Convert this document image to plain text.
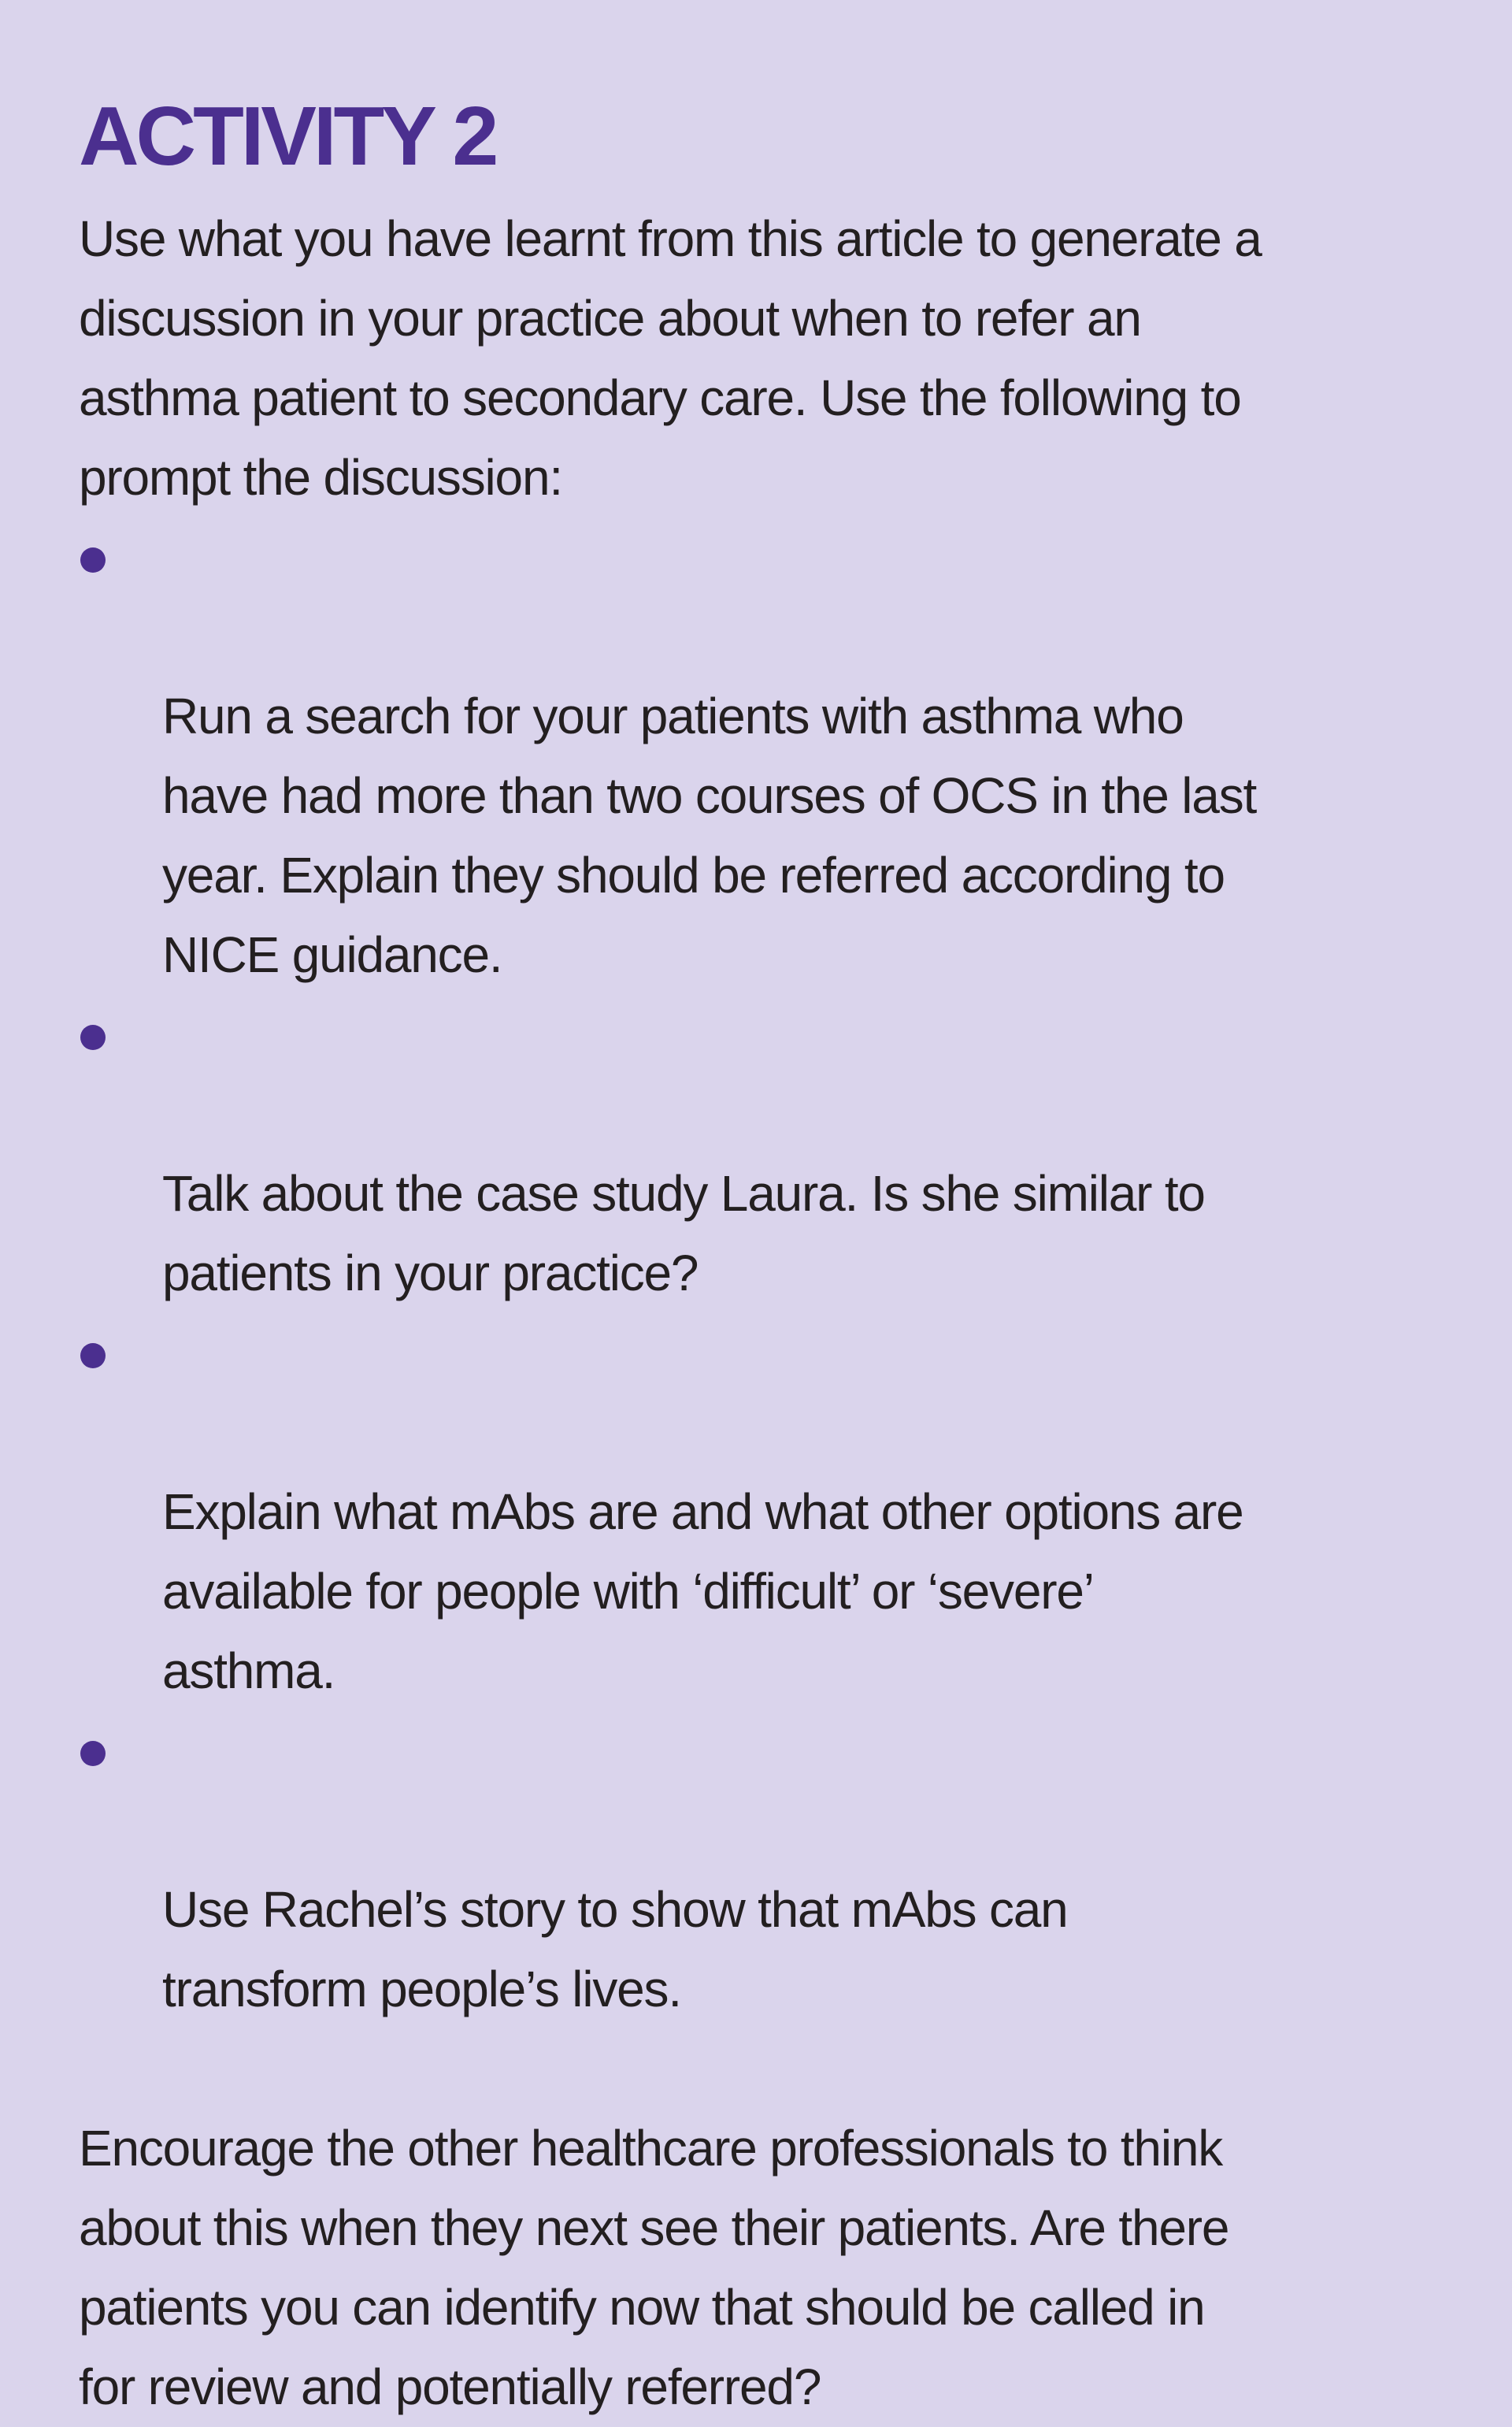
ACTIVITY 2

Use what you have learnt from this article to generate a
discussion in your practice about when to refer an
asthma patient to secondary care. Use the following to
prompt the discussion:

Run a search for your patients with asthma who
have had more than two courses of OCS in the last
year. Explain they should be referred according to
NICE guidance.

Talk about the case study Laura. Is she similar to
patients in your practice?

Explain what mAbs are and what other options are
available for people with ‘difficult’ or ‘severe’
asthma.

Use Rachel’s story to show that mAbs can
transform people’s lives.

Encourage the other healthcare professionals to think
about this when they next see their patients. Are there
patients you can identify now that should be called in
for review and potentially referred?
